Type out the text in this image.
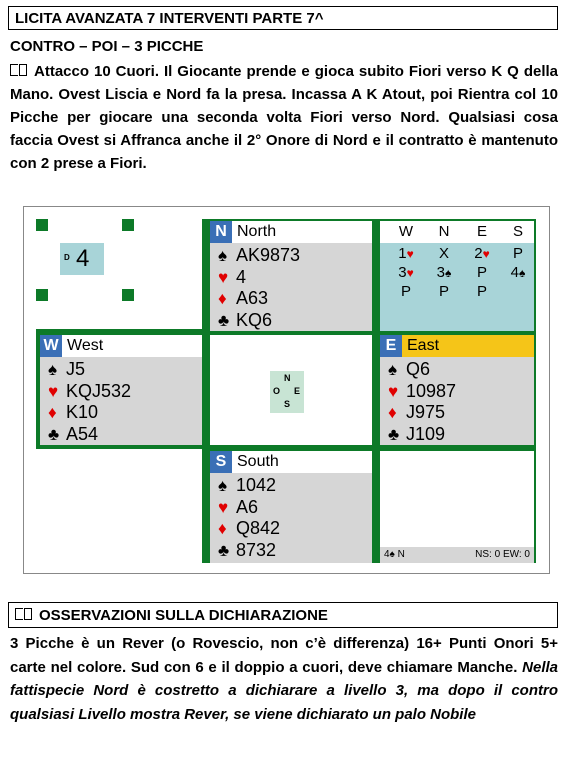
LICITA AVANZATA 7 INTERVENTI PARTE 7^
CONTRO – POI – 3 PICCHE
Attacco 10 Cuori. Il Giocante prende e gioca subito Fiori verso K Q della Mano. Ovest Liscia e Nord fa la presa. Incassa A K Atout, poi Rientra col 10 Picche per giocare una seconda volta Fiori verso Nord. Qualsiasi cosa faccia Ovest si Affranca anche il 2° Onore di Nord e il contratto è mantenuto con 2 prese a Fiori.
D 4
N North
♠ AK9873
♥ 4
♦ A63
♣ KQ6
W	N	E	S
1♥	X	2♥	P
3♥	3♠	P	4♠
P	P	P
W West
♠ J5
♥ KQJ532
♦ K10
♣ A54
N
O E
S
E East
♠ Q6
♥ 10987
♦ J975
♣ J109
S South
♠ 1042
♥ A6
♦ Q842
♣ 8732	4♠ N	NS: 0 EW: 0
OSSERVAZIONI SULLA DICHIARAZIONE
3 Picche è un Rever (o Rovescio, non c’è differenza) 16+ Punti Onori 5+ carte nel colore. Sud con 6 e il doppio a cuori, deve chiamare Manche. Nella fattispecie Nord è costretto a dichiarare a livello 3, ma dopo il contro qualsiasi Livello mostra Rever, se viene dichiarato un palo Nobile
